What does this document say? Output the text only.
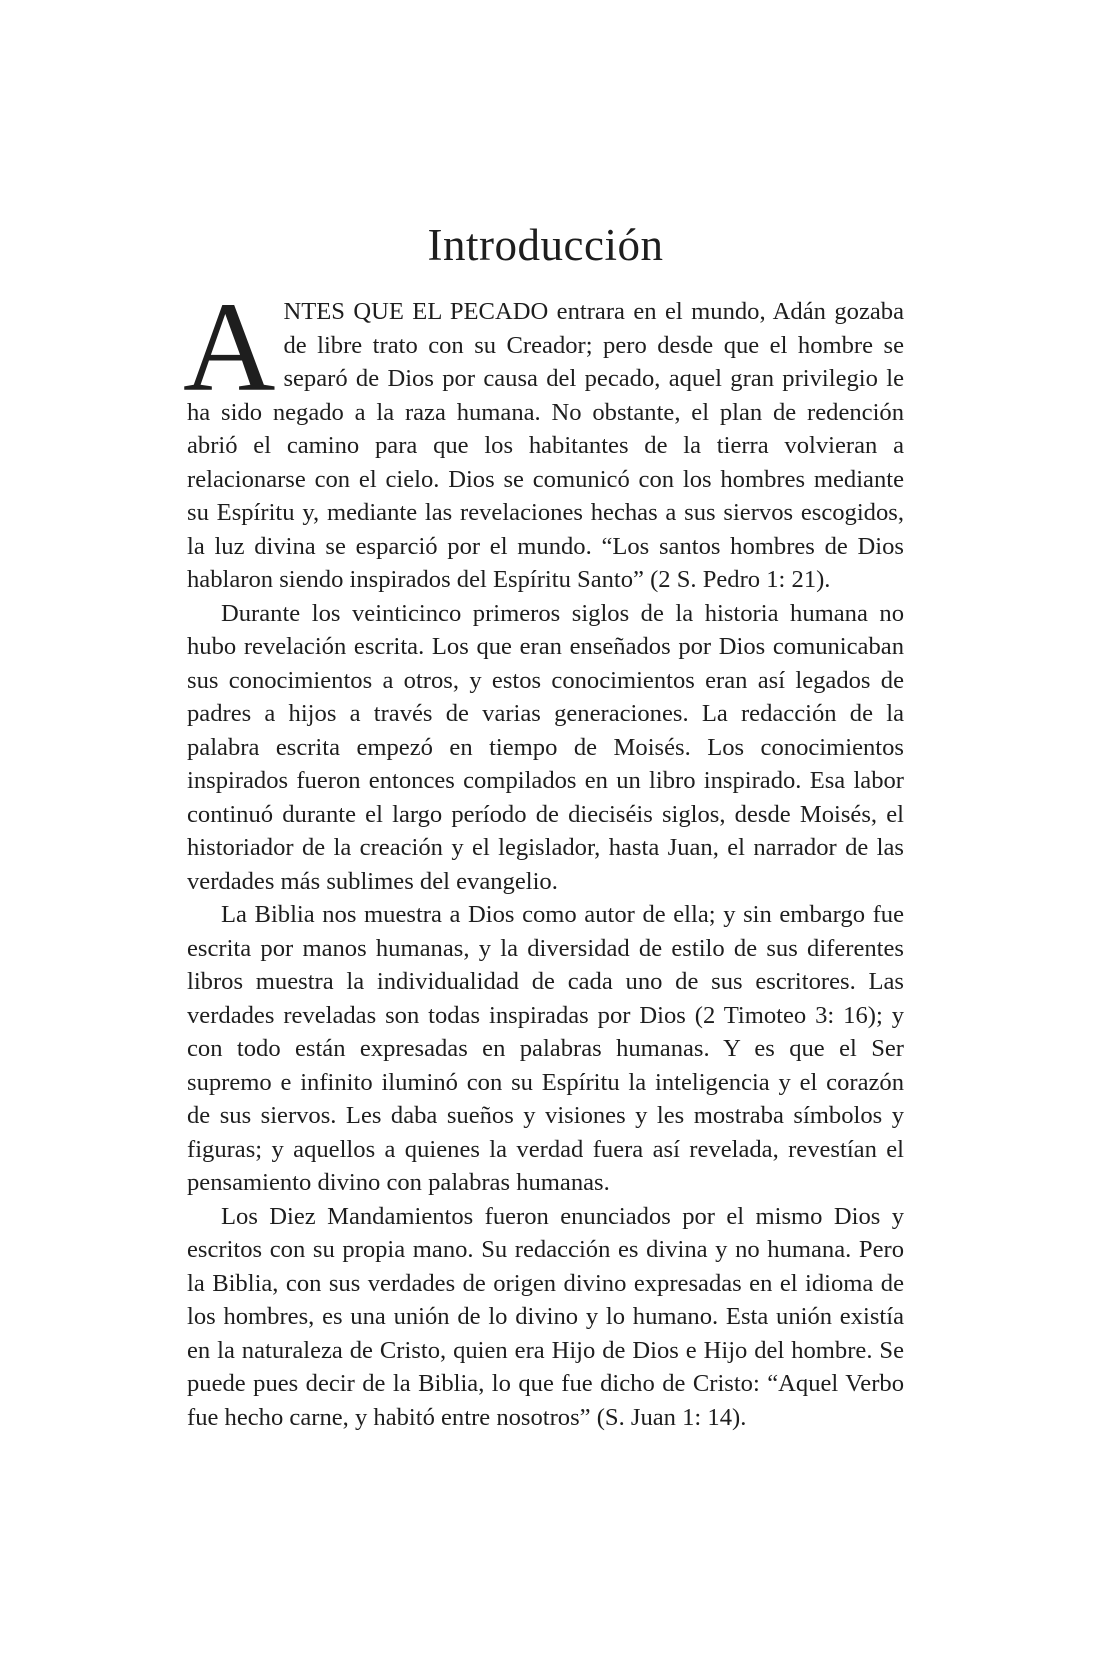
Introducción

ANTES QUE EL PECADO entrara en el mundo, Adán gozaba de libre trato con su Creador; pero desde que el hombre se separó de Dios por causa del pecado, aquel gran privilegio le ha sido negado a la raza humana. No obstante, el plan de redención abrió el camino para que los habitantes de la tierra volvieran a relacionarse con el cielo. Dios se comunicó con los hombres mediante su Espíritu y, mediante las revelaciones hechas a sus siervos escogidos, la luz divina se esparció por el mundo. “Los santos hombres de Dios hablaron siendo inspirados del Espíritu Santo” (2 S. Pedro 1: 21).

Durante los veinticinco primeros siglos de la historia humana no hubo revelación escrita. Los que eran enseñados por Dios comunicaban sus conocimientos a otros, y estos conocimientos eran así legados de padres a hijos a través de varias generaciones. La redacción de la palabra escrita empezó en tiempo de Moisés. Los conocimientos inspirados fueron entonces compilados en un libro inspirado. Esa labor continuó durante el largo período de dieciséis siglos, desde Moisés, el historiador de la creación y el legislador, hasta Juan, el narrador de las verdades más sublimes del evangelio.

La Biblia nos muestra a Dios como autor de ella; y sin embargo fue escrita por manos humanas, y la diversidad de estilo de sus diferentes libros muestra la individualidad de cada uno de sus escritores. Las verdades reveladas son todas inspiradas por Dios (2 Timoteo 3: 16); y con todo están expresadas en palabras humanas. Y es que el Ser supremo e infinito iluminó con su Espíritu la inteligencia y el corazón de sus siervos. Les daba sueños y visiones y les mostraba símbolos y figuras; y aquellos a quienes la verdad fuera así revelada, revestían el pensamiento divino con palabras humanas.

Los Diez Mandamientos fueron enunciados por el mismo Dios y escritos con su propia mano. Su redacción es divina y no humana. Pero la Biblia, con sus verdades de origen divino expresadas en el idioma de los hombres, es una unión de lo divino y lo humano. Esta unión existía en la naturaleza de Cristo, quien era Hijo de Dios e Hijo del hombre. Se puede pues decir de la Biblia, lo que fue dicho de Cristo: “Aquel Verbo fue hecho carne, y habitó entre nosotros” (S. Juan 1: 14).
